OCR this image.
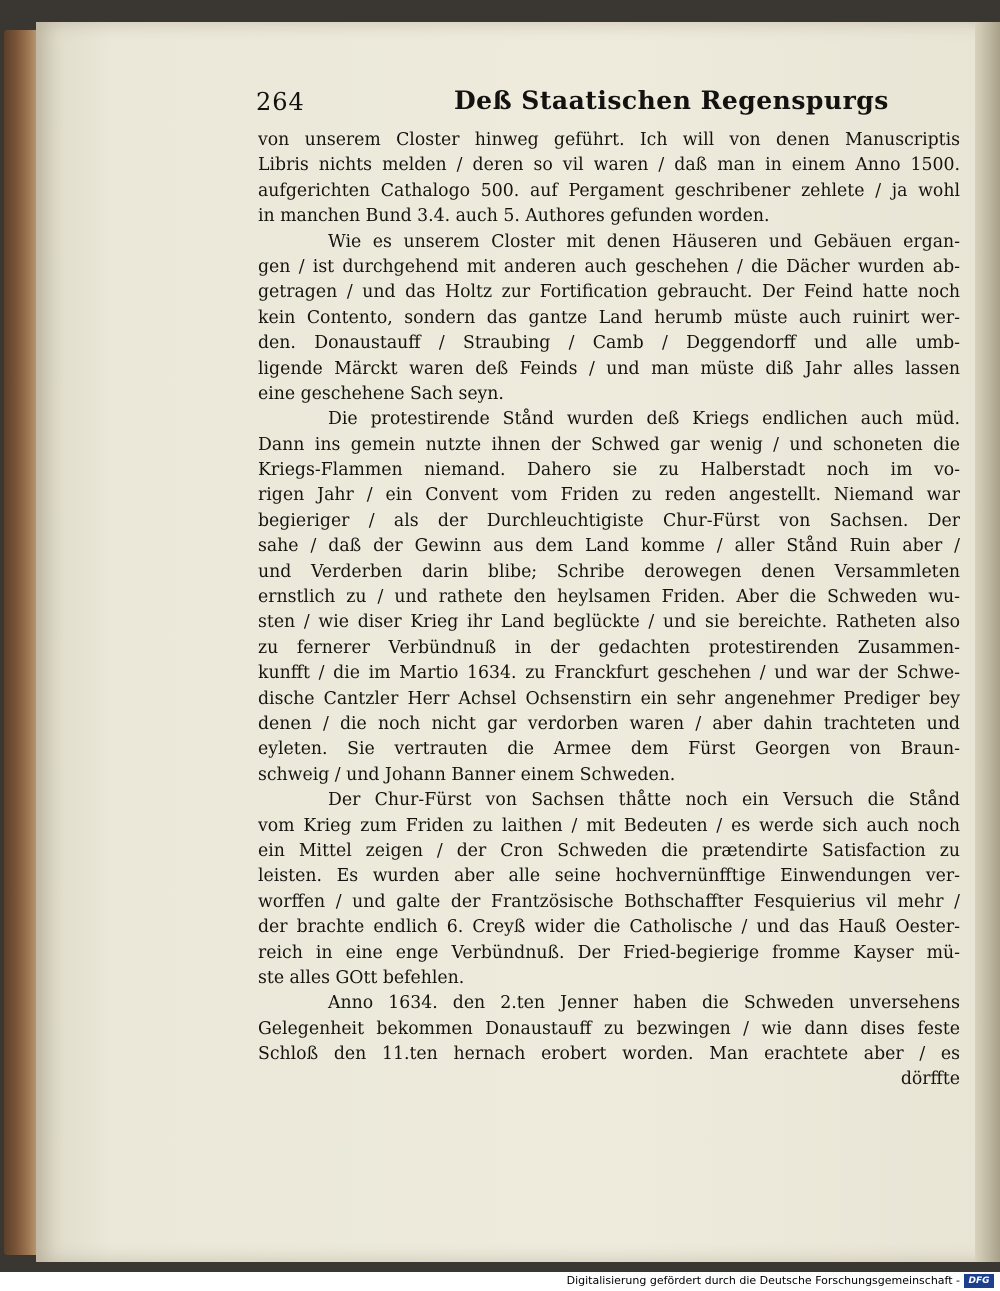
264	Deß Staatischen Regenspurgs
von unserem Closter hinweg geführt. Ich will von denen Manuscriptis
Libris nichts melden / deren so vil waren / daß man in einem Anno 1500.
aufgerichten Cathalogo 500. auf Pergament geschribener zehlete / ja wohl
in manchen Bund 3.4. auch 5. Authores gefunden worden.
Wie es unserem Closter mit denen Häuseren und Gebäuen ergan-
gen / ist durchgehend mit anderen auch geschehen / die Dächer wurden ab-
getragen / und das Holtz zur Fortification gebraucht. Der Feind hatte noch
kein Contento, sondern das gantze Land herumb müste auch ruinirt wer-
den. Donaustauff / Straubing / Camb / Deggendorff und alle umb-
ligende Märckt waren deß Feinds / und man müste diß Jahr alles lassen
eine geschehene Sach seyn.
Die protestirende Stånd wurden deß Kriegs endlichen auch müd.
Dann ins gemein nutzte ihnen der Schwed gar wenig / und schoneten die
Kriegs-Flammen niemand. Dahero sie zu Halberstadt noch im vo-
rigen Jahr / ein Convent vom Friden zu reden angestellt. Niemand war
begieriger / als der Durchleuchtigiste Chur-Fürst von Sachsen. Der
sahe / daß der Gewinn aus dem Land komme / aller Stånd Ruin aber /
und Verderben darin blibe; Schribe derowegen denen Versammleten
ernstlich zu / und rathete den heylsamen Friden. Aber die Schweden wu-
sten / wie diser Krieg ihr Land beglückte / und sie bereichte. Ratheten also
zu fernerer Verbündnuß in der gedachten protestirenden Zusammen-
kunfft / die im Martio 1634. zu Franckfurt geschehen / und war der Schwe-
dische Cantzler Herr Achsel Ochsenstirn ein sehr angenehmer Prediger bey
denen / die noch nicht gar verdorben waren / aber dahin trachteten und
eyleten. Sie vertrauten die Armee dem Fürst Georgen von Braun-
schweig / und Johann Banner einem Schweden.
Der Chur-Fürst von Sachsen thåtte noch ein Versuch die Stånd
vom Krieg zum Friden zu laithen / mit Bedeuten / es werde sich auch noch
ein Mittel zeigen / der Cron Schweden die prætendirte Satisfaction zu
leisten. Es wurden aber alle seine hochvernünfftige Einwendungen ver-
worffen / und galte der Frantzösische Bothschaffter Fesquierius vil mehr /
der brachte endlich 6. Creyß wider die Catholische / und das Hauß Oester-
reich in eine enge Verbündnuß. Der Fried-begierige fromme Kayser mü-
ste alles GOtt befehlen.
Anno 1634. den 2.ten Jenner haben die Schweden unversehens
Gelegenheit bekommen Donaustauff zu bezwingen / wie dann dises feste
Schloß den 11.ten hernach erobert worden. Man erachtete aber / es
dörffte
Digitalisierung gefördert durch die Deutsche Forschungsgemeinschaft - DFG
